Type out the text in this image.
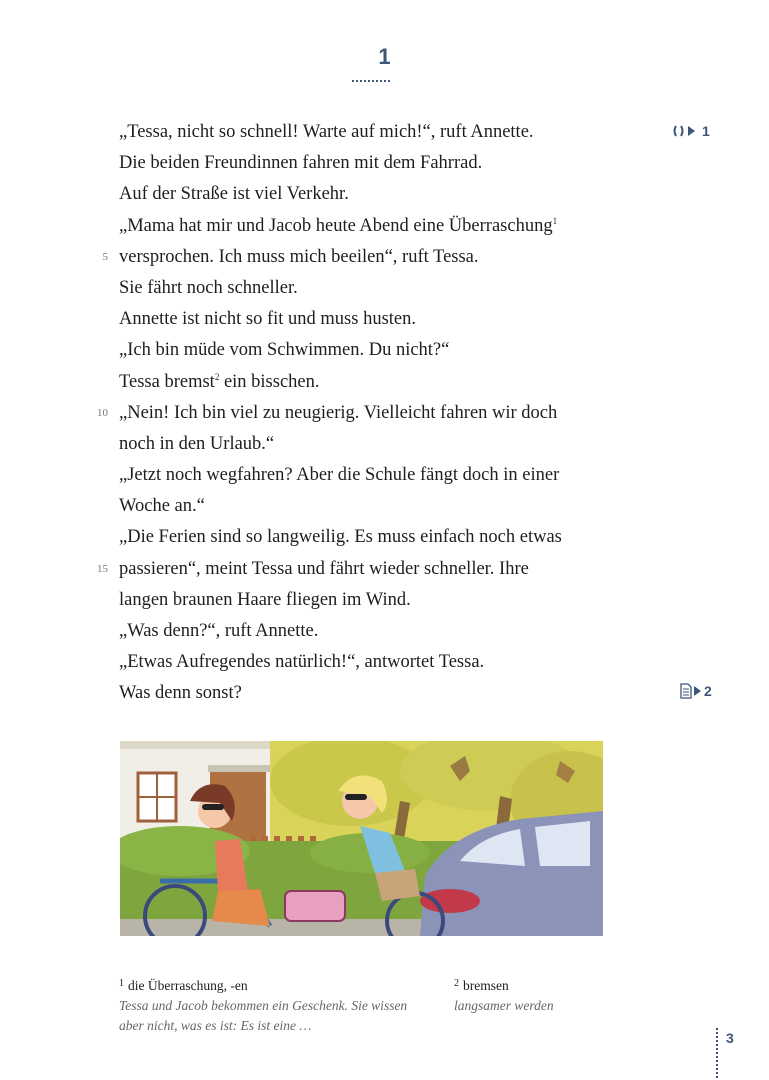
1
1
„Tessa, nicht so schnell! Warte auf mich!“, ruft Annette.
Die beiden Freundinnen fahren mit dem Fahrrad.
Auf der Straße ist viel Verkehr.
„Mama hat mir und Jacob heute Abend eine Überraschung$^1$
5 versprochen. Ich muss mich beeilen“, ruft Tessa.
Sie fährt noch schneller.
Annette ist nicht so fit und muss husten.
„Ich bin müde vom Schwimmen. Du nicht?“
Tessa bremst$^2$ ein bisschen.
10 „Nein! Ich bin viel zu neugierig. Vielleicht fahren wir doch
noch in den Urlaub.“
„Jetzt noch wegfahren? Aber die Schule fängt doch in einer
Woche an.“
„Die Ferien sind so langweilig. Es muss einfach noch etwas
15 passieren“, meint Tessa und fährt wieder schneller. Ihre
langen braunen Haare fliegen im Wind.
„Was denn?“, ruft Annette.
„Etwas Aufregendes natürlich!“, antwortet Tessa.
Was denn sonst?	2
$^1$ die Überraschung, -en
Tessa und Jacob bekommen ein Geschenk. Sie wissen aber nicht, was es ist: Es ist eine …
$^2$ bremsen
langsamer werden
3
